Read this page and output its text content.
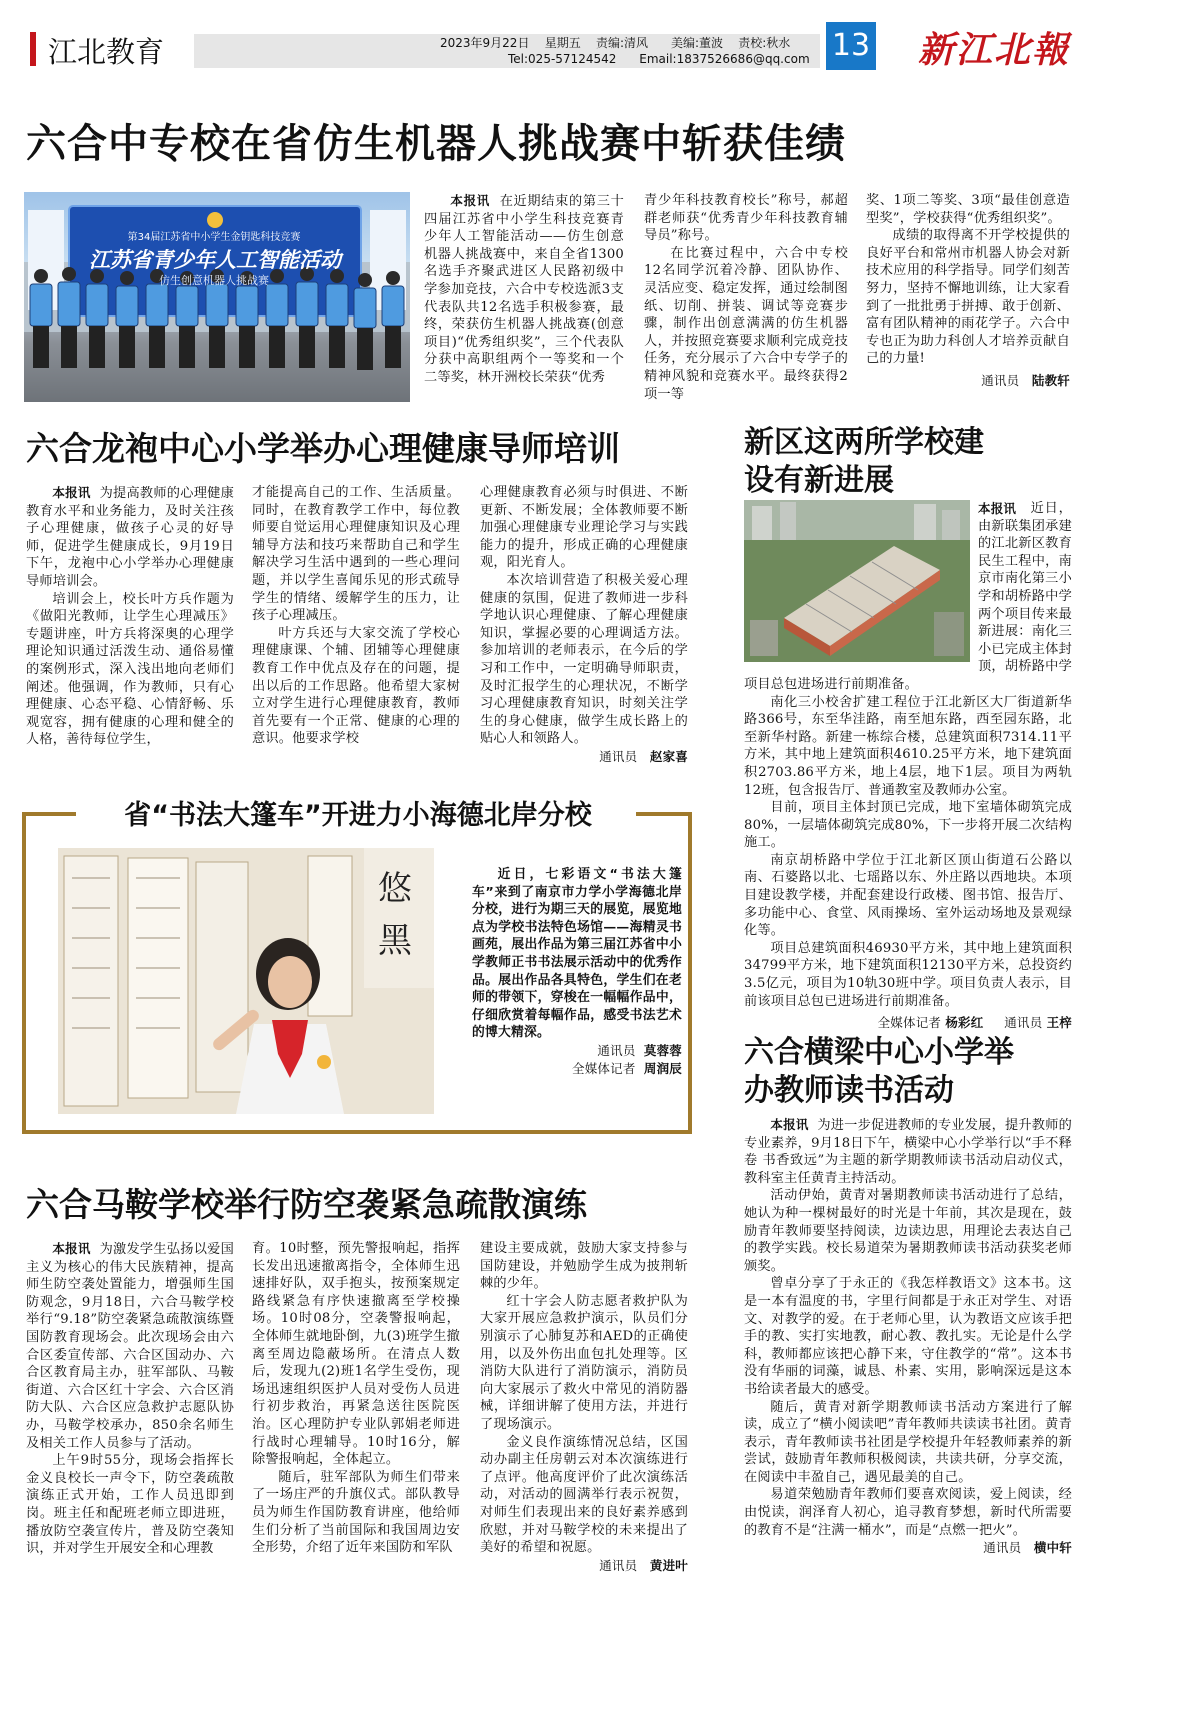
江北教育	2023年9月22日 星期五 责编:清风 美编:董波 责校:秋水
Tel:025-57124542 Email:1837526686@qq.com 13 新江北報
六合中专校在省仿生机器人挑战赛中斩获佳绩
第34届江苏省中小学生金钥匙科技竞赛
江苏省青少年人工智能活动
仿生创意机器人挑战赛

本报讯 在近期结束的第三十四届江苏省中小学生科技竞赛青少年人工智能活动——仿生创意机器人挑战赛中，来自全省1300名选手齐聚武进区人民路初级中学参加竞技，六合中专校选派3支代表队共12名选手积极参赛，最终，荣获仿生机器人挑战赛(创意项目)“优秀组织奖”，三个代表队分获中高职组两个一等奖和一个二等奖，林开洲校长荣获“优秀

青少年科技教育校长”称号，郝超群老师获“优秀青少年科技教育辅导员”称号。

在比赛过程中，六合中专校12名同学沉着冷静、团队协作、灵活应变、稳定发挥，通过绘制图纸、切削、拼装、调试等竞赛步骤，制作出创意满满的仿生机器人，并按照竞赛要求顺利完成竞技任务，充分展示了六合中专学子的精神风貌和竞赛水平。最终获得2项一等

奖、1项二等奖、3项“最佳创意造型奖”，学校获得“优秀组织奖”。

成绩的取得离不开学校提供的良好平台和常州市机器人协会对新技术应用的科学指导。同学们刻苦努力，坚持不懈地训练，让大家看到了一批批勇于拼搏、敢于创新、富有团队精神的雨花学子。六合中专也正为助力科创人才培养贡献自己的力量!

通讯员 陆教轩
六合龙袍中心小学举办心理健康导师培训

本报讯 为提高教师的心理健康教育水平和业务能力，及时关注孩子心理健康，做孩子心灵的好导师，促进学生健康成长，9月19日下午，龙袍中心小学举办心理健康导师培训会。

培训会上，校长叶方兵作题为《做阳光教师，让学生心理减压》专题讲座，叶方兵将深奥的心理学理论知识通过活泼生动、通俗易懂的案例形式，深入浅出地向老师们阐述。他强调，作为教师，只有心理健康、心态平稳、心情舒畅、乐观宽容，拥有健康的心理和健全的人格，善待每位学生，

才能提高自己的工作、生活质量。同时，在教育教学工作中，每位教师要自觉运用心理健康知识及心理辅导方法和技巧来帮助自己和学生解决学习生活中遇到的一些心理问题，并以学生喜闻乐见的形式疏导学生的情绪、缓解学生的压力，让孩子心理减压。

叶方兵还与大家交流了学校心理健康课、个辅、团辅等心理健康教育工作中优点及存在的问题，提出以后的工作思路。他希望大家树立对学生进行心理健康教育，教师首先要有一个正常、健康的心理的意识。他要求学校

心理健康教育必须与时俱进、不断更新、不断发展；全体教师要不断加强心理健康专业理论学习与实践能力的提升，形成正确的心理健康观，阳光育人。

本次培训营造了积极关爱心理健康的氛围，促进了教师进一步科学地认识心理健康、了解心理健康知识，掌握必要的心理调适方法。参加培训的老师表示，在今后的学习和工作中，一定明确导师职责，及时汇报学生的心理状况，不断学习心理健康教育知识，时刻关注学生的身心健康，做学生成长路上的贴心人和领路人。

通讯员 赵家喜
新区这两所学校建设有新进展

本报讯	近日，由新联集团承建的江北新区教育民生工程中，南京市南化第三小学和胡桥路中学两个项目传来最新进展：南化三小已完成主体封顶，胡桥路中学项目总包进场进行前期准备。

南化三小校舍扩建工程位于江北新区大厂街道新华路366号，东至华洼路，南至旭东路，西至园东路，北至新华村路。新建一栋综合楼，总建筑面积7314.11平方米，其中地上建筑面积4610.25平方米，地下建筑面积2703.86平方米，地上4层，地下1层。项目为两轨12班，包含报告厅、普通教室及教师办公室。

目前，项目主体封顶已完成，地下室墙体砌筑完成80%，一层墙体砌筑完成80%，下一步将开展二次结构施工。

南京胡桥路中学位于江北新区顶山街道石公路以南、石婆路以北、七瑶路以东、外庄路以西地块。本项目建设教学楼，并配套建设行政楼、图书馆、报告厅、多功能中心、食堂、风雨操场、室外运动场地及景观绿化等。

项目总建筑面积46930平方米，其中地上建筑面积34799平方米，地下建筑面积12130平方米，总投资约3.5亿元，项目为10轨30班中学。项目负责人表示，目前该项目总包已进场进行前期准备。

全媒体记者 杨彩红 通讯员 王梓
省“书法大篷车”开进力小海德北岸分校
悠
黑

近日，七彩语文“书法大篷车”来到了南京市力学小学海德北岸分校，进行为期三天的展览，展览地点为学校书法特色场馆——海精灵书画苑，展出作品为第三届江苏省中小学教师正书书法展示活动中的优秀作品。展出作品各具特色，学生们在老师的带领下，穿梭在一幅幅作品中，仔细欣赏着每幅作品，感受书法艺术的博大精深。

通讯员 莫蓉蓉
全媒体记者 周润辰 六合横梁中心小学举办教师读书活动

本报讯 为进一步促进教师的专业发展，提升教师的专业素养，9月18日下午，横梁中心小学举行以“手不释卷 书香致远”为主题的新学期教师读书活动启动仪式，教科室主任黄青主持活动。

活动伊始，黄青对暑期教师读书活动进行了总结，她认为种一棵树最好的时光是十年前，其次是现在，鼓励青年教师要坚持阅读，边读边思，用理论去表达自己的教学实践。校长易道荣为暑期教师读书活动获奖老师颁奖。

曾卓分享了于永正的《我怎样教语文》这本书。这是一本有温度的书，字里行间都是于永正对学生、对语文、对教学的爱。在于老师心里，认为教语文应该手把手的教、实打实地教，耐心教、教扎实。无论是什么学科，教师都应该把心静下来，守住教学的“常”。这本书没有华丽的词藻，诚恳、朴素、实用，影响深远是这本书给读者最大的感受。

随后，黄青对新学期教师读书活动方案进行了解读，成立了“横小阅读吧”青年教师共读读书社团。黄青表示，青年教师读书社团是学校提升年轻教师素养的新尝试，鼓励青年教师积极阅读，共读共研，分享交流，在阅读中丰盈自己，遇见最美的自己。

易道荣勉励青年教师们要喜欢阅读，爱上阅读，经由悦读，润泽育人初心，追寻教育梦想，新时代所需要的教育不是“注满一桶水”，而是“点燃一把火”。

通讯员 横中轩
六合马鞍学校举行防空袭紧急疏散演练

本报讯 为激发学生弘扬以爱国主义为核心的伟大民族精神，提高师生防空袭处置能力，增强师生国防观念，9月18日，六合马鞍学校举行“9.18”防空袭紧急疏散演练暨国防教育现场会。此次现场会由六合区委宣传部、六合区国动办、六合区教育局主办，驻军部队、马鞍街道、六合区红十字会、六合区消防大队、六合区应急救护志愿队协办，马鞍学校承办，850余名师生及相关工作人员参与了活动。

上午9时55分，现场会指挥长金义良校长一声令下，防空袭疏散演练正式开始，工作人员迅即到岗。班主任和配班老师立即进班，播放防空袭宣传片，普及防空袭知识，并对学生开展安全和心理教

育。10时整，预先警报响起，指挥长发出迅速撤离指令，全体师生迅速排好队，双手抱头，按预案规定路线紧急有序快速撤离至学校操场。10时08分，空袭警报响起，全体师生就地卧倒，九(3)班学生撤离至周边隐蔽场所。在清点人数后，发现九(2)班1名学生受伤，现场迅速组织医护人员对受伤人员进行初步救治，再紧急送往医院医治。区心理防护专业队郭娟老师进行战时心理辅导。10时16分，解除警报响起，全体起立。

随后，驻军部队为师生们带来了一场庄严的升旗仪式。部队教导员为师生作国防教育讲座，他给师生们分析了当前国际和我国周边安全形势，介绍了近年来国防和军队

建设主要成就，鼓励大家支持参与国防建设，并勉励学生成为披荆斩棘的少年。

红十字会人防志愿者救护队为大家开展应急救护演示，队员们分别演示了心肺复苏和AED的正确使用，以及外伤出血包扎处理等。区消防大队进行了消防演示，消防员向大家展示了救火中常见的消防器械，详细讲解了使用方法，并进行了现场演示。

金义良作演练情况总结，区国动办副主任房朝云对本次演练进行了点评。他高度评价了此次演练活动，对活动的圆满举行表示祝贺，对师生们表现出来的良好素养感到欣慰，并对马鞍学校的未来提出了美好的希望和祝愿。

通讯员 黄进叶
